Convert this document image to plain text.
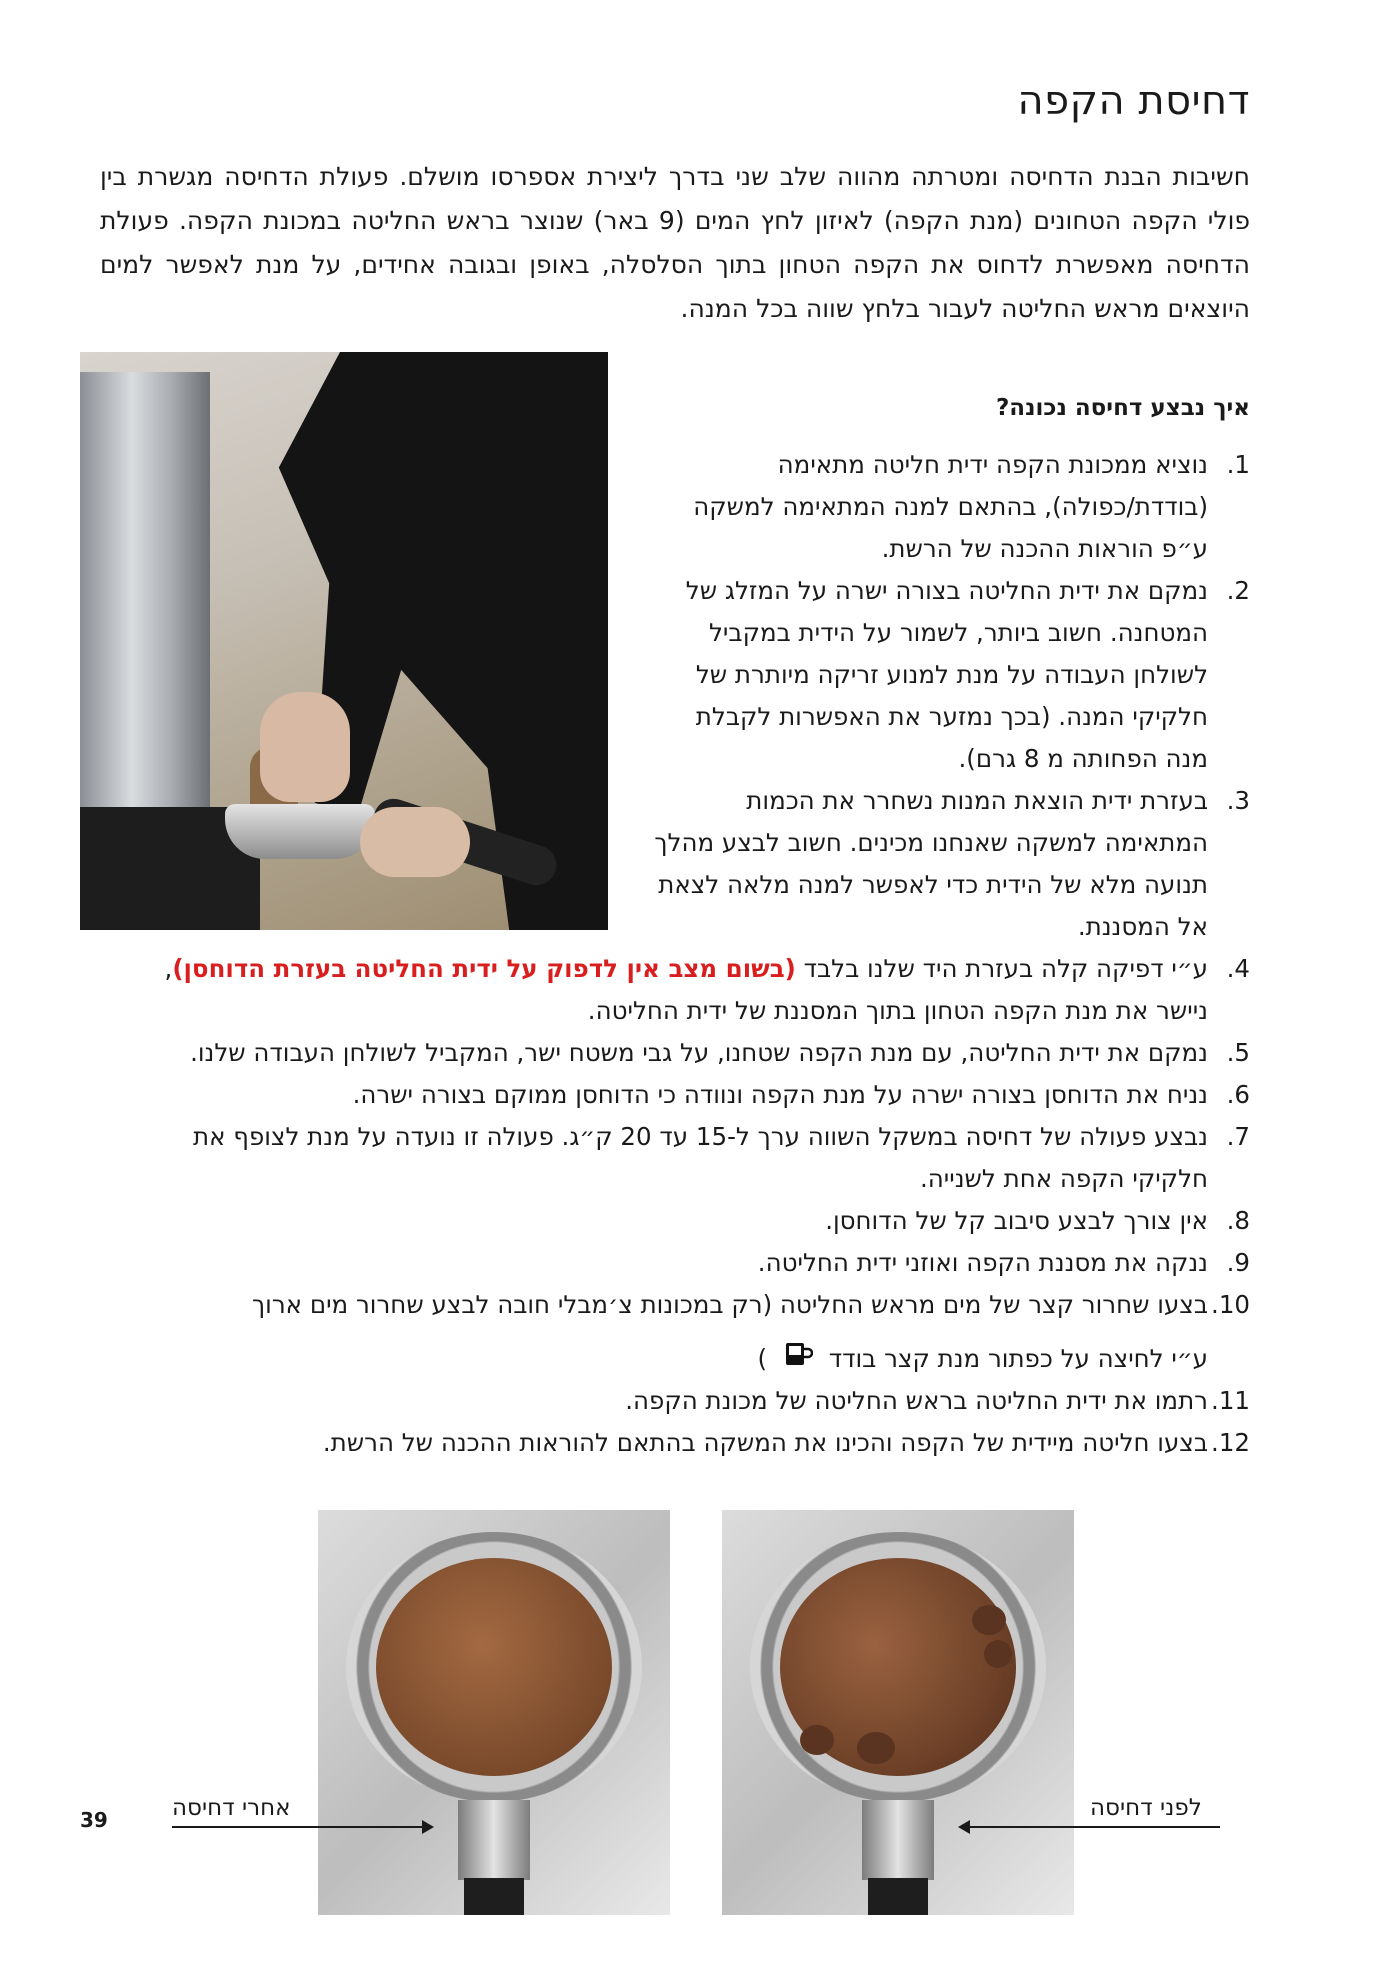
דחיסת הקפה
חשיבות הבנת הדחיסה ומטרתה מהווה שלב שני בדרך ליצירת אספרסו מושלם. פעולת הדחיסה מגשרת בין פולי הקפה הטחונים (מנת הקפה) לאיזון לחץ המים (9 באר) שנוצר בראש החליטה במכונת הקפה. פעולת הדחיסה מאפשרת לדחוס את הקפה הטחון בתוך הסלסלה, באופן ובגובה אחידים, על מנת לאפשר למים היוצאים מראש החליטה לעבור בלחץ שווה בכל המנה.
איך נבצע דחיסה נכונה?
1.
נוציא ממכונת הקפה ידית חליטה מתאימה (בודדת/כפולה), בהתאם למנה המתאימה למשקה ע״פ הוראות ההכנה של הרשת.
2.
נמקם את ידית החליטה בצורה ישרה על המזלג של המטחנה. חשוב ביותר, לשמור על הידית במקביל לשולחן העבודה על מנת למנוע זריקה מיותרת של חלקיקי המנה. (בכך נמזער את האפשרות לקבלת מנה הפחותה מ 8 גרם).
3.
בעזרת ידית הוצאת המנות נשחרר את הכמות המתאימה למשקה שאנחנו מכינים. חשוב לבצע מהלך תנועה מלא של הידית כדי לאפשר למנה מלאה לצאת אל המסננת.
4.
ע״י דפיקה קלה בעזרת היד שלנו בלבד (בשום מצב אין לדפוק על ידית החליטה בעזרת הדוחסן), ניישר את מנת הקפה הטחון בתוך המסננת של ידית החליטה.
5.
נמקם את ידית החליטה, עם מנת הקפה שטחנו, על גבי משטח ישר, המקביל לשולחן העבודה שלנו.
6.
נניח את הדוחסן בצורה ישרה על מנת הקפה ונוודה כי הדוחסן ממוקם בצורה ישרה.
7.
נבצע פעולה של דחיסה במשקל השווה ערך ל-15 עד 20 ק״ג. פעולה זו נועדה על מנת לצופף את חלקיקי הקפה אחת לשנייה.
8.
אין צורך לבצע סיבוב קל של הדוחסן.
9.
ננקה את מסננת הקפה ואוזני ידית החליטה.
10.
בצעו שחרור קצר של מים מראש החליטה (רק במכונות צ׳מבלי חובה לבצע שחרור מים ארוך
ע״י לחיצה על כפתור מנת קצר בודד  )
11.
רתמו את ידית החליטה בראש החליטה של מכונת הקפה.
12.
בצעו חליטה מיידית של הקפה והכינו את המשקה בהתאם להוראות ההכנה של הרשת.
אחרי דחיסה	לפני דחיסה
39
